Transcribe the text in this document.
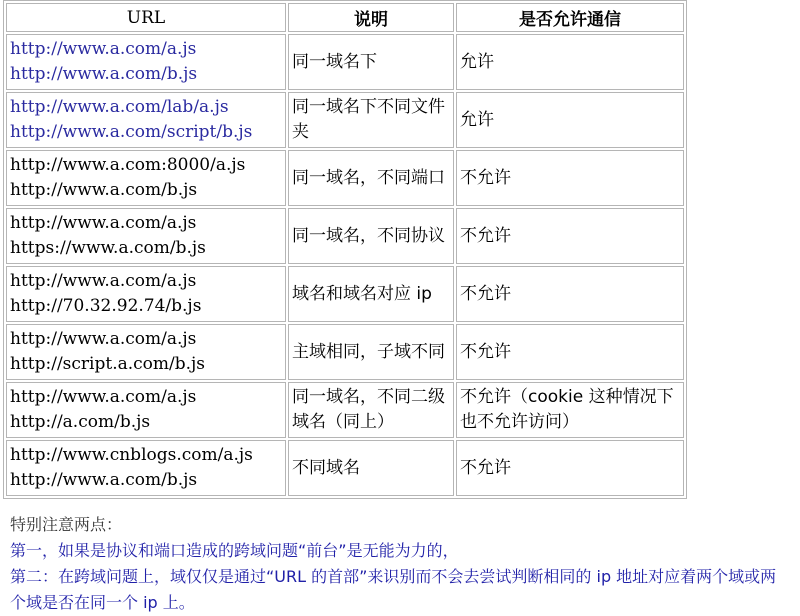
URL	说明	是否允许通信

http://www.a.com/a.js
http://www.a.com/b.js	同一域名下	允许

http://www.a.com/lab/a.js
http://www.a.com/script/b.js	同一域名下不同文件夹	允许

http://www.a.com:8000/a.js
http://www.a.com/b.js	同一域名，不同端口	不允许

http://www.a.com/a.js
https://www.a.com/b.js	同一域名，不同协议	不允许

http://www.a.com/a.js
http://70.32.92.74/b.js	域名和域名对应 ip	不允许

http://www.a.com/a.js
http://script.a.com/b.js	主域相同，子域不同	不允许

http://www.a.com/a.js
http://a.com/b.js	同一域名，不同二级域名（同上）	不允许（cookie 这种情况下也不允许访问）

http://www.cnblogs.com/a.js
http://www.a.com/b.js	不同域名	不允许
特别注意两点：
第一，如果是协议和端口造成的跨域问题“前台”是无能为力的，
第二：在跨域问题上，域仅仅是通过“URL 的首部”来识别而不会去尝试判断相同的 ip 地址对应着两个域或两个域是否在同一个 ip 上。
